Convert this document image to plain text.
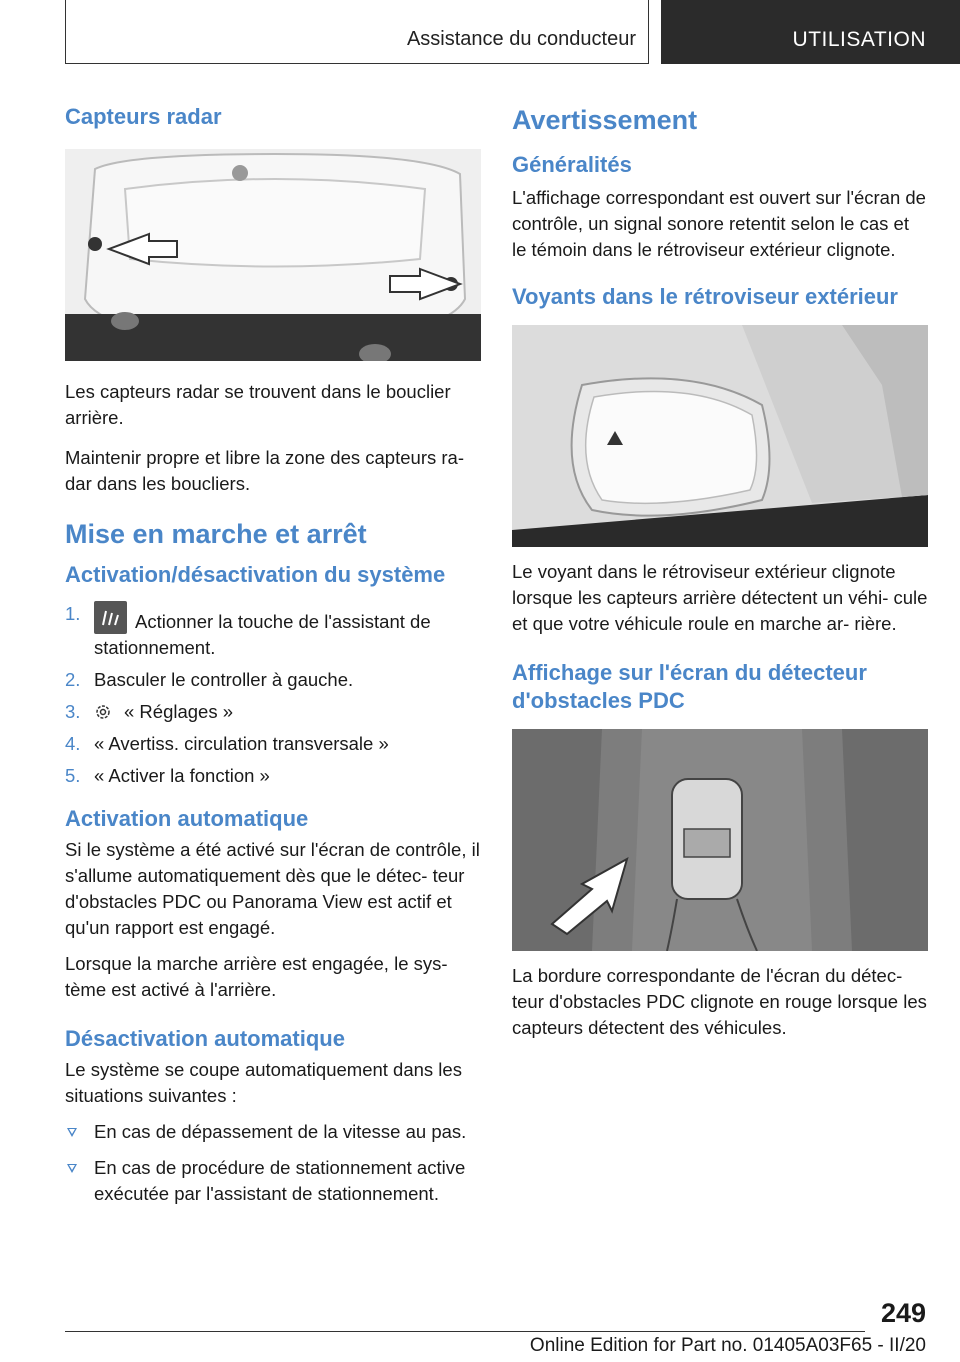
Assistance du conducteur	UTILISATION
Capteurs radar

Les capteurs radar se trouvent dans le bouclier arrière.

Maintenir propre et libre la zone des capteurs ra- dar dans les boucliers.

Mise en marche et arrêt
Activation/désactivation du système
1.	Actionner la touche de l'assistant de stationnement.
2. Basculer le controller à gauche.
3. « Réglages »
4. « Avertiss. circulation transversale »
5. « Activer la fonction »
Activation automatique

Si le système a été activé sur l'écran de contrôle, il s'allume automatiquement dès que le détec- teur d'obstacles PDC ou Panorama View est actif et qu'un rapport est engagé.

Lorsque la marche arrière est engagée, le sys- tème est activé à l'arrière.

Désactivation automatique

Le système se coupe automatiquement dans les situations suivantes :

En cas de dépassement de la vitesse au pas.
En cas de procédure de stationnement active exécutée par l'assistant de stationnement.
Avertissement
Généralités

L'affichage correspondant est ouvert sur l'écran de contrôle, un signal sonore retentit selon le cas et le témoin dans le rétroviseur extérieur clignote.

Voyants dans le rétroviseur extérieur

Le voyant dans le rétroviseur extérieur clignote lorsque les capteurs arrière détectent un véhi- cule et que votre véhicule roule en marche ar- rière.

Affichage sur l'écran du détecteur d'obstacles PDC

La bordure correspondante de l'écran du détec- teur d'obstacles PDC clignote en rouge lorsque les capteurs détectent des véhicules.

249
Online Edition for Part no. 01405A03F65 - II/20
